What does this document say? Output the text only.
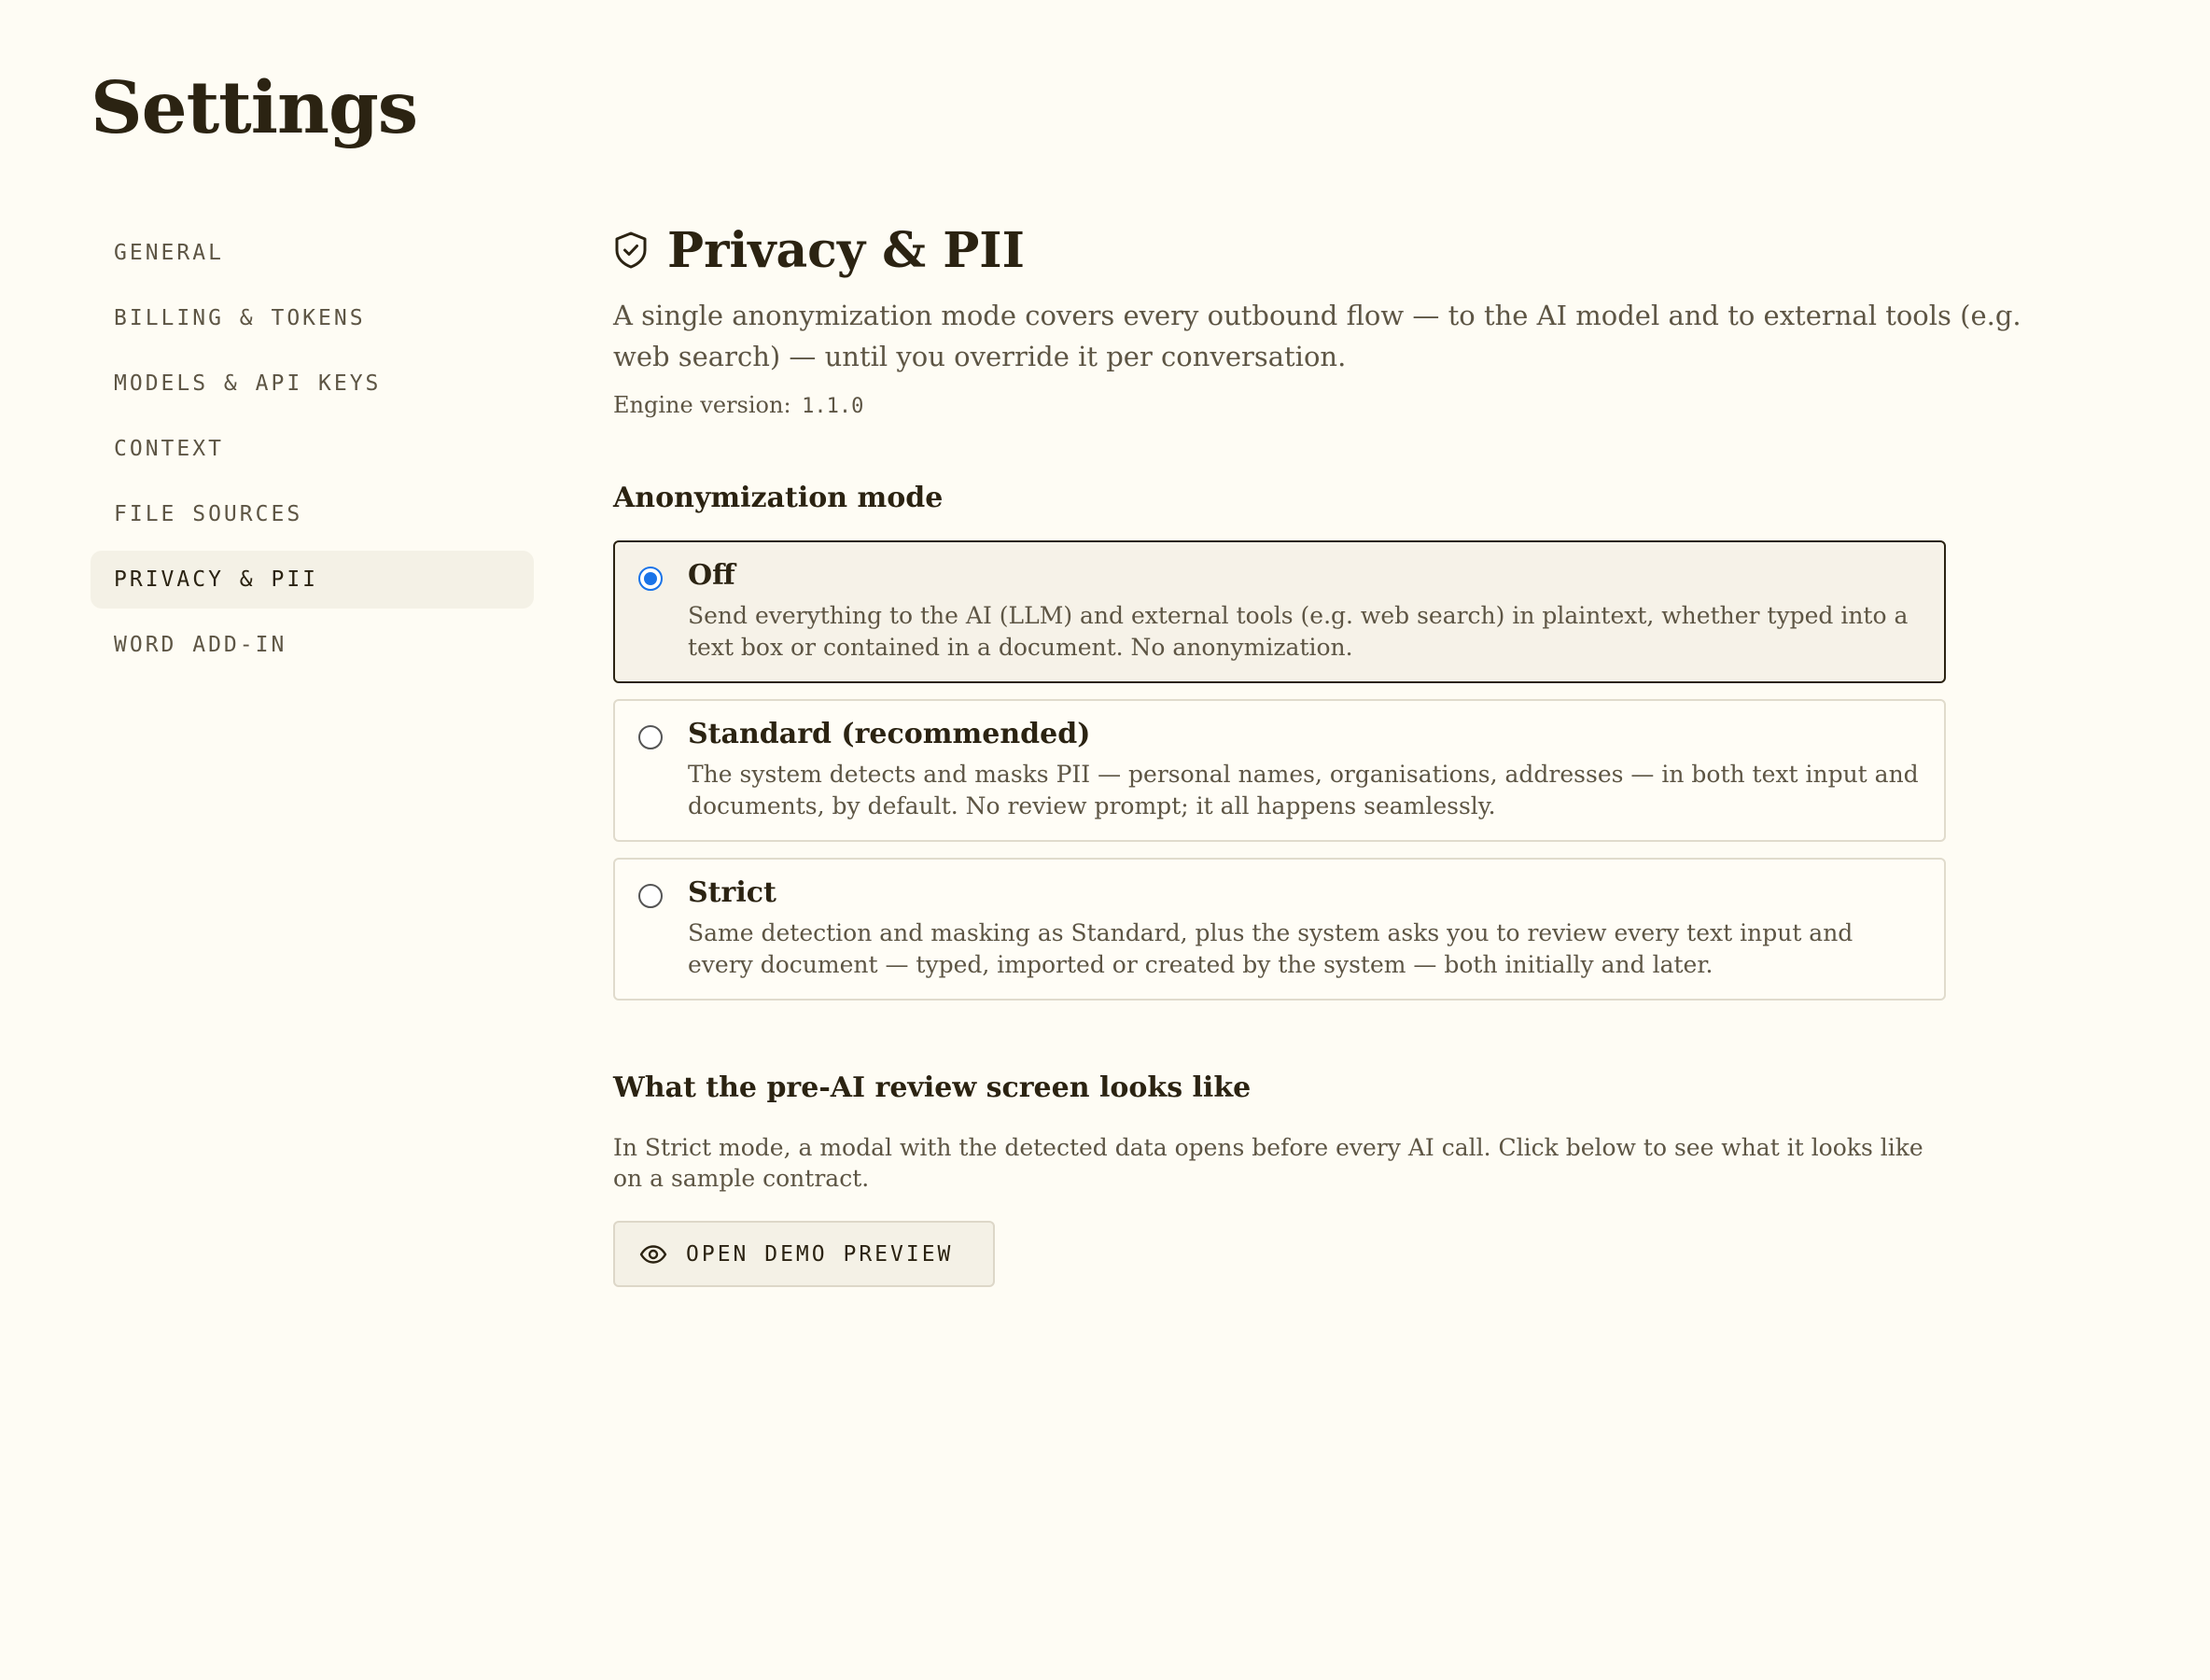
Settings
GENERAL
BILLING & TOKENS
MODELS & API KEYS
CONTEXT
FILE SOURCES
PRIVACY & PII
WORD ADD-IN
Privacy & PII

A single anonymization mode covers every outbound flow — to the AI model and to external tools (e.g. web search) — until you override it per conversation.

Engine version: 1.1.0
Anonymization mode
Off
Send everything to the AI (LLM) and external tools (e.g. web search) in plaintext, whether typed into a text box or contained in a document. No anonymization.
Standard (recommended)
The system detects and masks PII — personal names, organisations, addresses — in both text input and documents, by default. No review prompt; it all happens seamlessly.
Strict
Same detection and masking as Standard, plus the system asks you to review every text input and every document — typed, imported or created by the system — both initially and later.
What the pre-AI review screen looks like

In Strict mode, a modal with the detected data opens before every AI call. Click below to see what it looks like on a sample contract.

OPEN DEMO PREVIEW
